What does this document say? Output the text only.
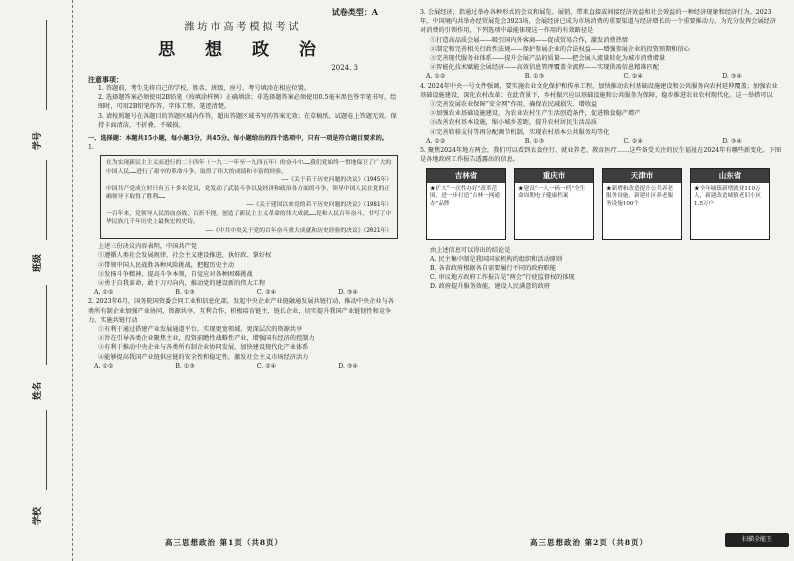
学号
班级
姓名
学校
试卷类型：A
潍坊市高考模拟考试
思 想 政 治
2024. 3
注意事项：

1. 答题前，考生先将自己的学校、姓名、班级、座号、考号填涂在相应位置。

2. 选择题答案必须使用2B铅笔（按填涂样例）正确填涂；非选择题答案必须使用0.5毫米黑色签字笔书写，绘图时，可用2B铅笔作答，字体工整、笔迹清楚。

3. 请按照题号在各题目的答题区域内作答，超出答题区域书写的答案无效；在草稿纸、试题卷上答题无效。保持卡面清洁，不折叠、不破损。

一、选择题：本题共15小题，每小题3分，共45分。每小题给出的四个选项中，只有一项是符合题目要求的。

1.

在为实现新民主主义而进行的二十四年（一九二一年至一九四五年）的奋斗中……我们党始终一贯地保卫了广大的中国人民……进行了艰辛的革命斗争，取得了伟大的成绩和丰富的经验。

——《关于若干历史问题的决议》（1945年）

中国共产党成立时只有五十多名党员，党发动了武装斗争以及经济和政治各方面的斗争，领导中国人民在党的正确领导下取得了胜利……

——《关于建国以来党的若干历史问题的决议》（1981年）

一百年来，党领导人民浴血奋战、百折不挠，创造了新民主主义革命的伟大成就……党和人民百年奋斗，书写了中华民族几千年历史上最恢宏的史诗。

——《中共中央关于党的百年奋斗重大成就和历史经验的决议》（2021年）

上述三份决议内容表明，中国共产党

①遵循人类社会发展规律，社会主义建设推进，执好政、掌好权

②带领中国人民战胜各种风险挑战，把握历史主动

③发扬斗争精神，提高斗争本领，自觉应对各种困难挑战

④勇于自我革命，敢于刀刃向内，推动党的建设新的伟大工程

A. ①②	B. ①③	C. ②④	D. ③④

2. 2023年6月，国务院国资委会同工业和信息化部，发起中央企业产业链融通发展共链行动，推动中央企业与各类所有制企业加强产业协同、资源共享、互利合作，积极培育链主、链长企业，切实提升我国产业链韧性和竞争力。实施共链行动

①有利于通过搭建产业发展通道平台，实现更宽领域、更深层次的资源共享

②旨在引导各类企业聚焦主业，投资前瞻性战略性产业，增强国有经济的控制力

③有利于推动中央企业与各类所有制企业协同发展，加快建设现代化产业体系

④能够提高我国产业链供应链的安全性和稳定性，激发社会主义市场经济活力

A. ①②	B. ①③	C. ②④	D. ③④

3. 会展经济，指通过举办各种形式的会议和展览、展销，带来直接或间接经济效益和社会效益的一种经济现象和经济行为。2023年，中国境内共举办经贸展览会3923场，会展经济已成为市场消费的重要渠道与经济增长的一个重要推动力。为充分发挥会展经济对消费的引领作用，下列选项中最能体现这一作用的有效路径是

①打造高品质会展——吸引国内外客商——促成贸易合作，激发消费热情

②制定和完善相关行政性法规——保护参展企业的合法权益——增强参展企业的投资预期和信心

③完善现代服务业体系——提升会展产品的质量——把会展人流量转化为城市消费增量

④智能化技术赋能会展经济——高效信息管理覆盖全流程——实现供需信息精准匹配

A. ①②	B. ①③	C. ②④	D. ③④

4. 2024年中央一号文件强调，要实施农业文化保护和传承工程，加快推动农村基础设施建设和公共服务向农村延伸覆盖；加强农业基础设施建设，深化农村改革；在此背景下，乡村振兴应以基础设施和公共服务为保障，稳步推进农业农村现代化。这一举措可以

①完善发展农业保障“安全网”作用，确保农民减损失、增收益

②加强农业基础设施建设，为农业农村生产生活创造条件，促进粮食稳产增产

③改善农村基本设施，缩小城乡差距，提升农村居民生活品质

④完善转移支付等再分配调节机制，实现农村基本公共服务均等化

A. ①②	B. ①③	C. ②④	D. ③④

5. 聚焦2024年地方两会，我们可以看到衣食住行、就业养老、教育医疗……这些备受关注的民生福祉在2024年有哪些新变化。下图是各地政府工作报告透露出的信息。

吉林省
★扩大“一次性办好”改革范围，进一步打造“吉林一网通办”品牌
重庆市
★建设“一人一码一档”全生命周期电子健康档案
天津市
★新增和改造提升公共养老服务设施，新建社区养老服务设施100个
山东省
★全年城镇新增就业110万人，新建改造城镇老旧小区1.5万户

由上述信息可以得出的结论是

A. 民主集中制是我国国家机构的组织和活动原则

B. 各省政府根据各自需要履行不同的政府职能

C. 审议地方政府工作报告是“两会”行使监督权的体现

D. 政府提升服务效能，建设人民满意的政府

高三思想政治 第1页（共8页）	高三思想政治 第2页（共8页）	扫描全能王
